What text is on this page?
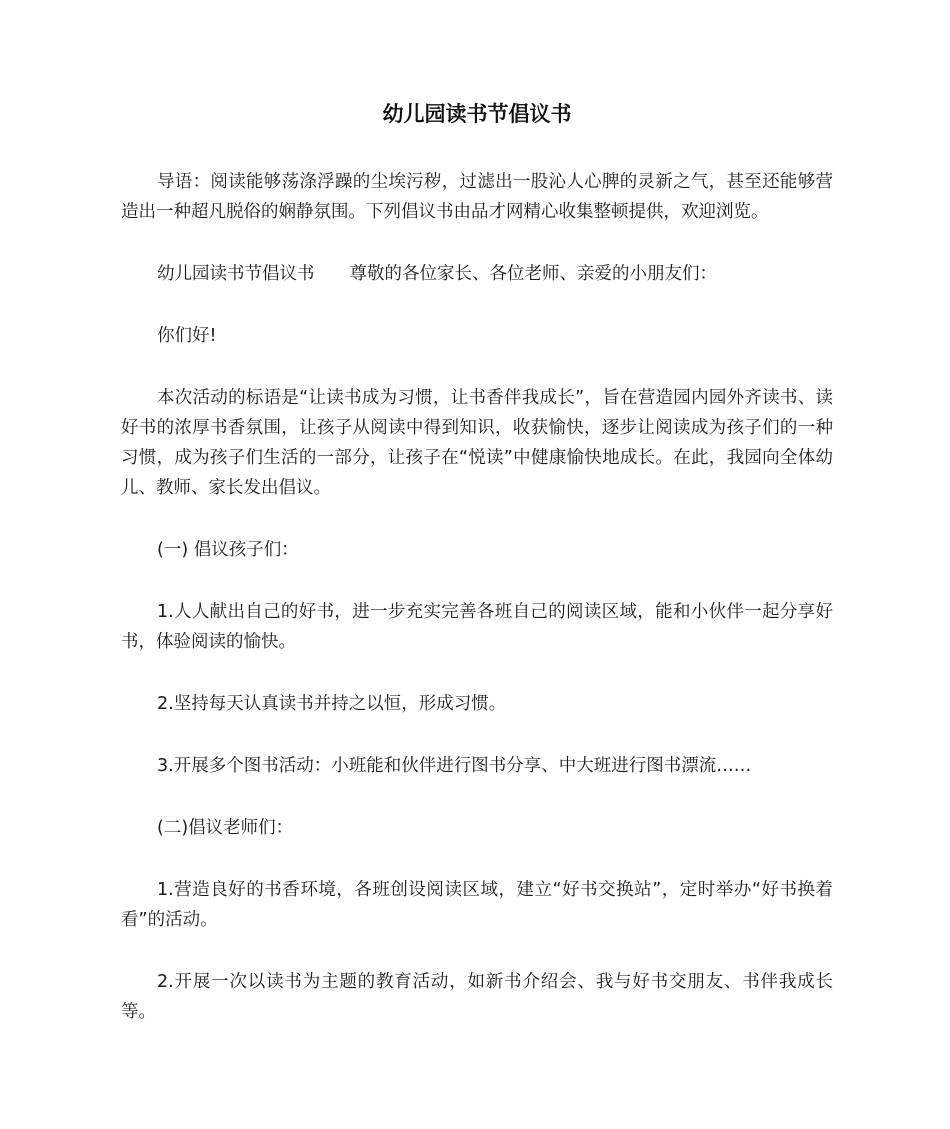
幼儿园读书节倡议书

导语：阅读能够荡涤浮躁的尘埃污秽，过滤出一股沁人心脾的灵新之气，甚至还能够营造出一种超凡脱俗的娴静氛围。下列倡议书由品才网精心收集整顿提供，欢迎浏览。

幼儿园读书节倡议书　　尊敬的各位家长、各位老师、亲爱的小朋友们：

你们好!

本次活动的标语是“让读书成为习惯，让书香伴我成长”，旨在营造园内园外齐读书、读好书的浓厚书香氛围，让孩子从阅读中得到知识，收获愉快，逐步让阅读成为孩子们的一种习惯，成为孩子们生活的一部分，让孩子在“悦读”中健康愉快地成长。在此，我园向全体幼儿、教师、家长发出倡议。

(一) 倡议孩子们：

1.人人献出自己的好书，进一步充实完善各班自己的阅读区域，能和小伙伴一起分享好书，体验阅读的愉快。

2.坚持每天认真读书并持之以恒，形成习惯。

3.开展多个图书活动：小班能和伙伴进行图书分享、中大班进行图书漂流……

(二)倡议老师们：

1.营造良好的书香环境，各班创设阅读区域，建立“好书交换站”，定时举办“好书换着看”的活动。

2.开展一次以读书为主题的教育活动，如新书介绍会、我与好书交朋友、书伴我成长等。
